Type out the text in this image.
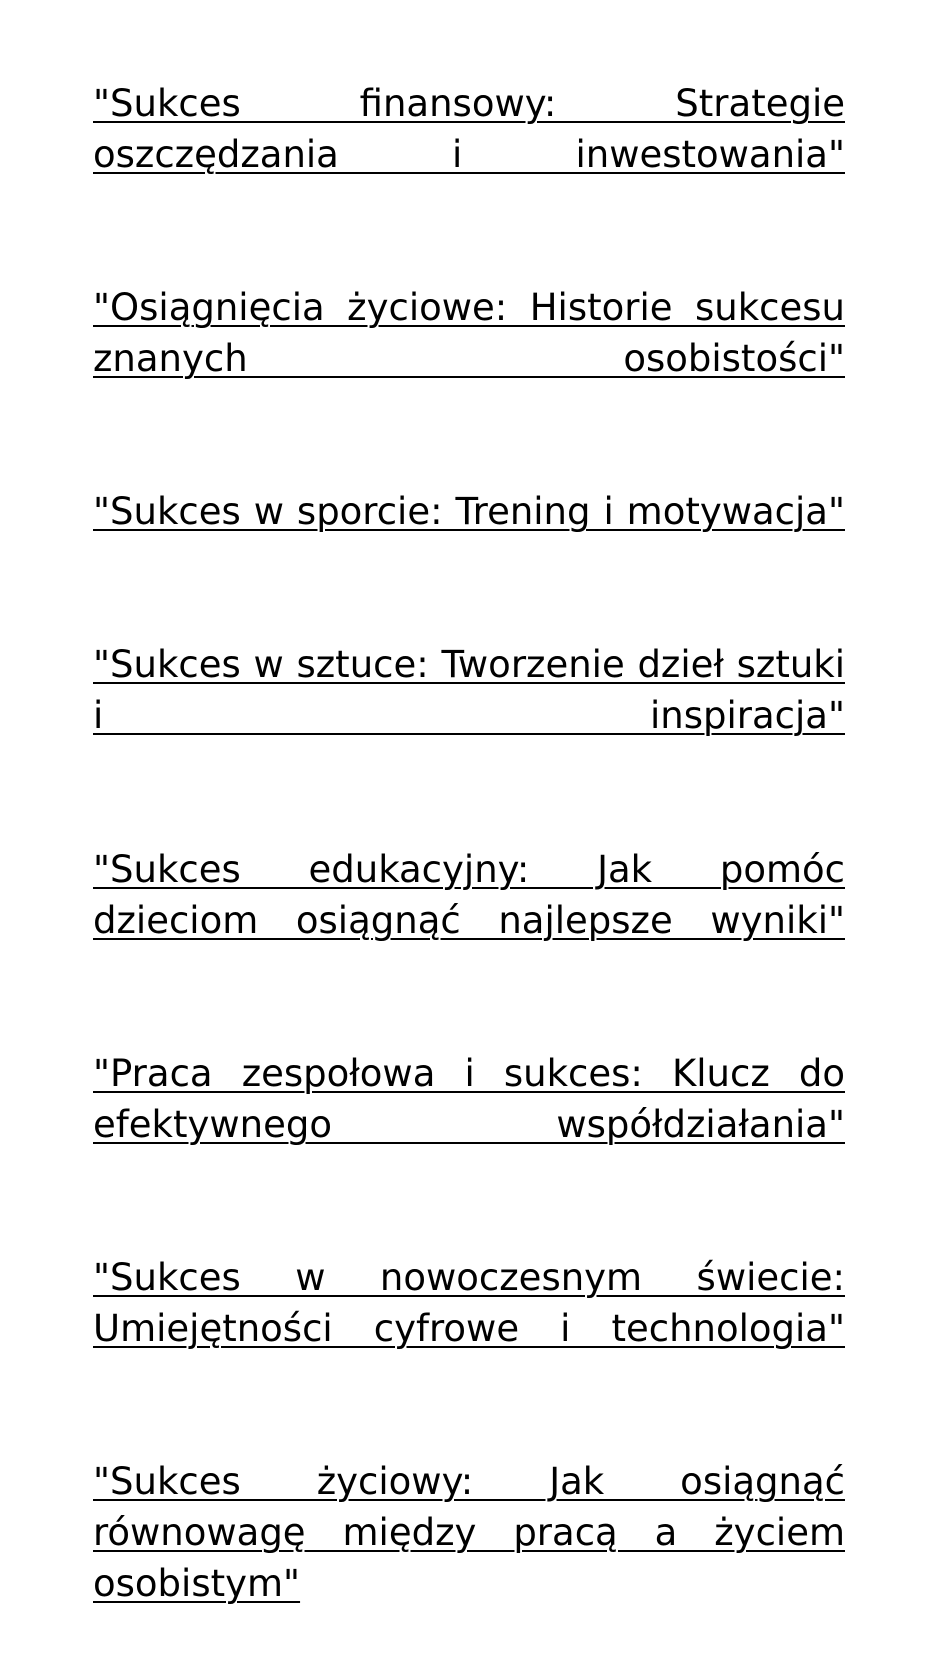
"Sukces finansowy: Strategie oszczędzania i inwestowania"
"Osiągnięcia życiowe: Historie sukcesu znanych osobistości"
"Sukces w sporcie: Trening i motywacja"
"Sukces w sztuce: Tworzenie dzieł sztuki i inspiracja"
"Sukces edukacyjny: Jak pomóc dzieciom osiągnąć najlepsze wyniki"
"Praca zespołowa i sukces: Klucz do efektywnego współdziałania"
"Sukces w nowoczesnym świecie: Umiejętności cyfrowe i technologia"
"Sukces życiowy: Jak osiągnąć równowagę między pracą a życiem osobistym"
